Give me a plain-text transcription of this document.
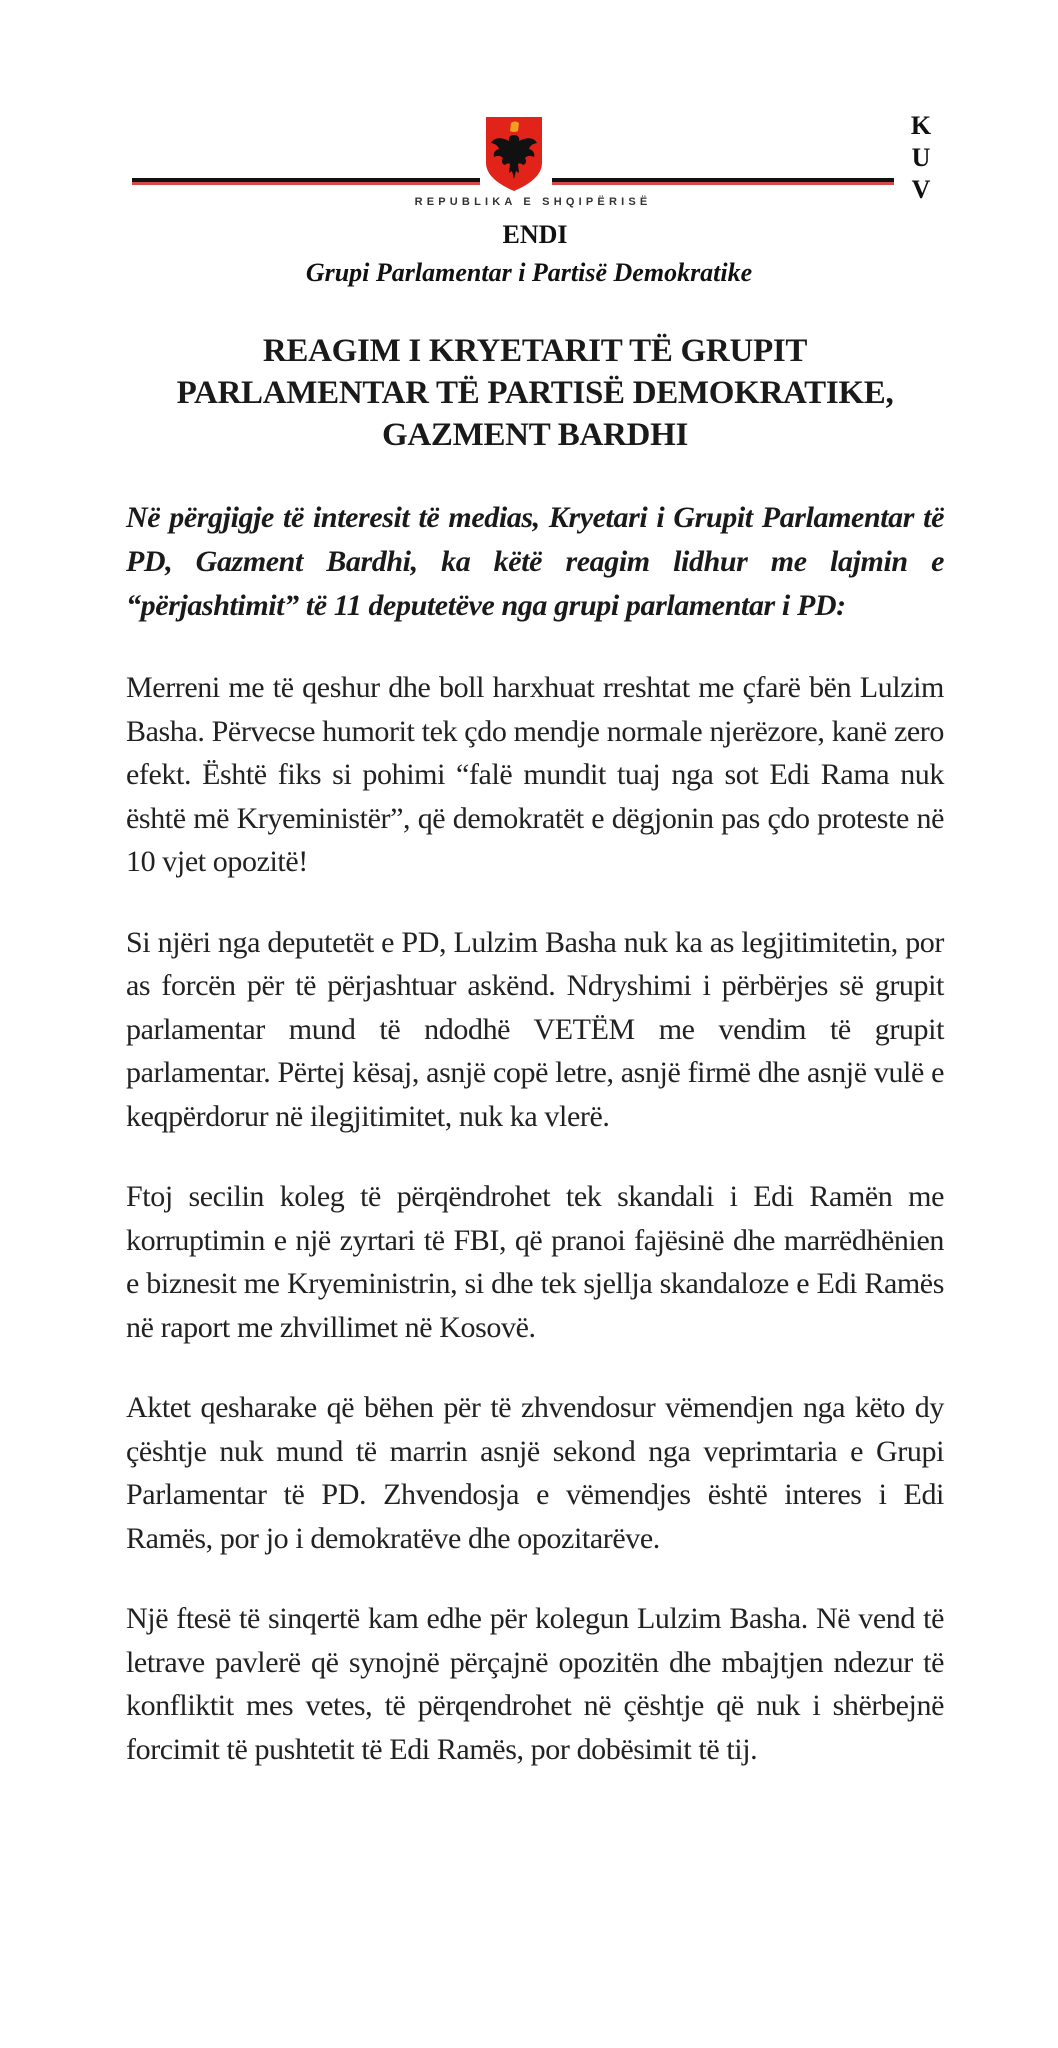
REPUBLIKA E SHQIPËRISË
K
U
V
ENDI
Grupi Parlamentar i Partisë Demokratike
REAGIM I KRYETARIT TË GRUPIT
PARLAMENTAR TË PARTISË DEMOKRATIKE,
GAZMENT BARDHI

Në përgjigje të interesit të medias, Kryetari i Grupit Parlamentar të PD, Gazment Bardhi, ka këtë reagim lidhur me lajmin e “përjashtimit” të 11 deputetëve nga grupi parlamentar i PD:

Merreni me të qeshur dhe boll harxhuat rreshtat me çfarë bën Lulzim Basha. Përvecse humorit tek çdo mendje normale njerëzore, kanë zero efekt. Është fiks si pohimi “falë mundit tuaj nga sot Edi Rama nuk është më Kryeministër”, që demokratët e dëgjonin pas çdo proteste në 10 vjet opozitë!

Si njëri nga deputetët e PD, Lulzim Basha nuk ka as legjitimitetin, por as forcën për të përjashtuar askënd. Ndryshimi i përbërjes së grupit parlamentar mund të ndodhë VETËM me vendim të grupit parlamentar. Përtej kësaj, asnjë copë letre, asnjë firmë dhe asnjë vulë e keqpërdorur në ilegjitimitet, nuk ka vlerë.

Ftoj secilin koleg të përqëndrohet tek skandali i Edi Ramën me korruptimin e një zyrtari të FBI, që pranoi fajësinë dhe marrëdhënien e biznesit me Kryeministrin, si dhe tek sjellja skandaloze e Edi Ramës në raport me zhvillimet në Kosovë.

Aktet qesharake që bëhen për të zhvendosur vëmendjen nga këto dy çështje nuk mund të marrin asnjë sekond nga veprimtaria e Grupi Parlamentar të PD. Zhvendosja e vëmendjes është interes i Edi Ramës, por jo i demokratëve dhe opozitarëve.

Një ftesë të sinqertë kam edhe për kolegun Lulzim Basha. Në vend të letrave pavlerë që synojnë përçajnë opozitën dhe mbajtjen ndezur të konfliktit mes vetes, të përqendrohet në çështje që nuk i shërbejnë forcimit të pushtetit të Edi Ramës, por dobësimit të tij.
